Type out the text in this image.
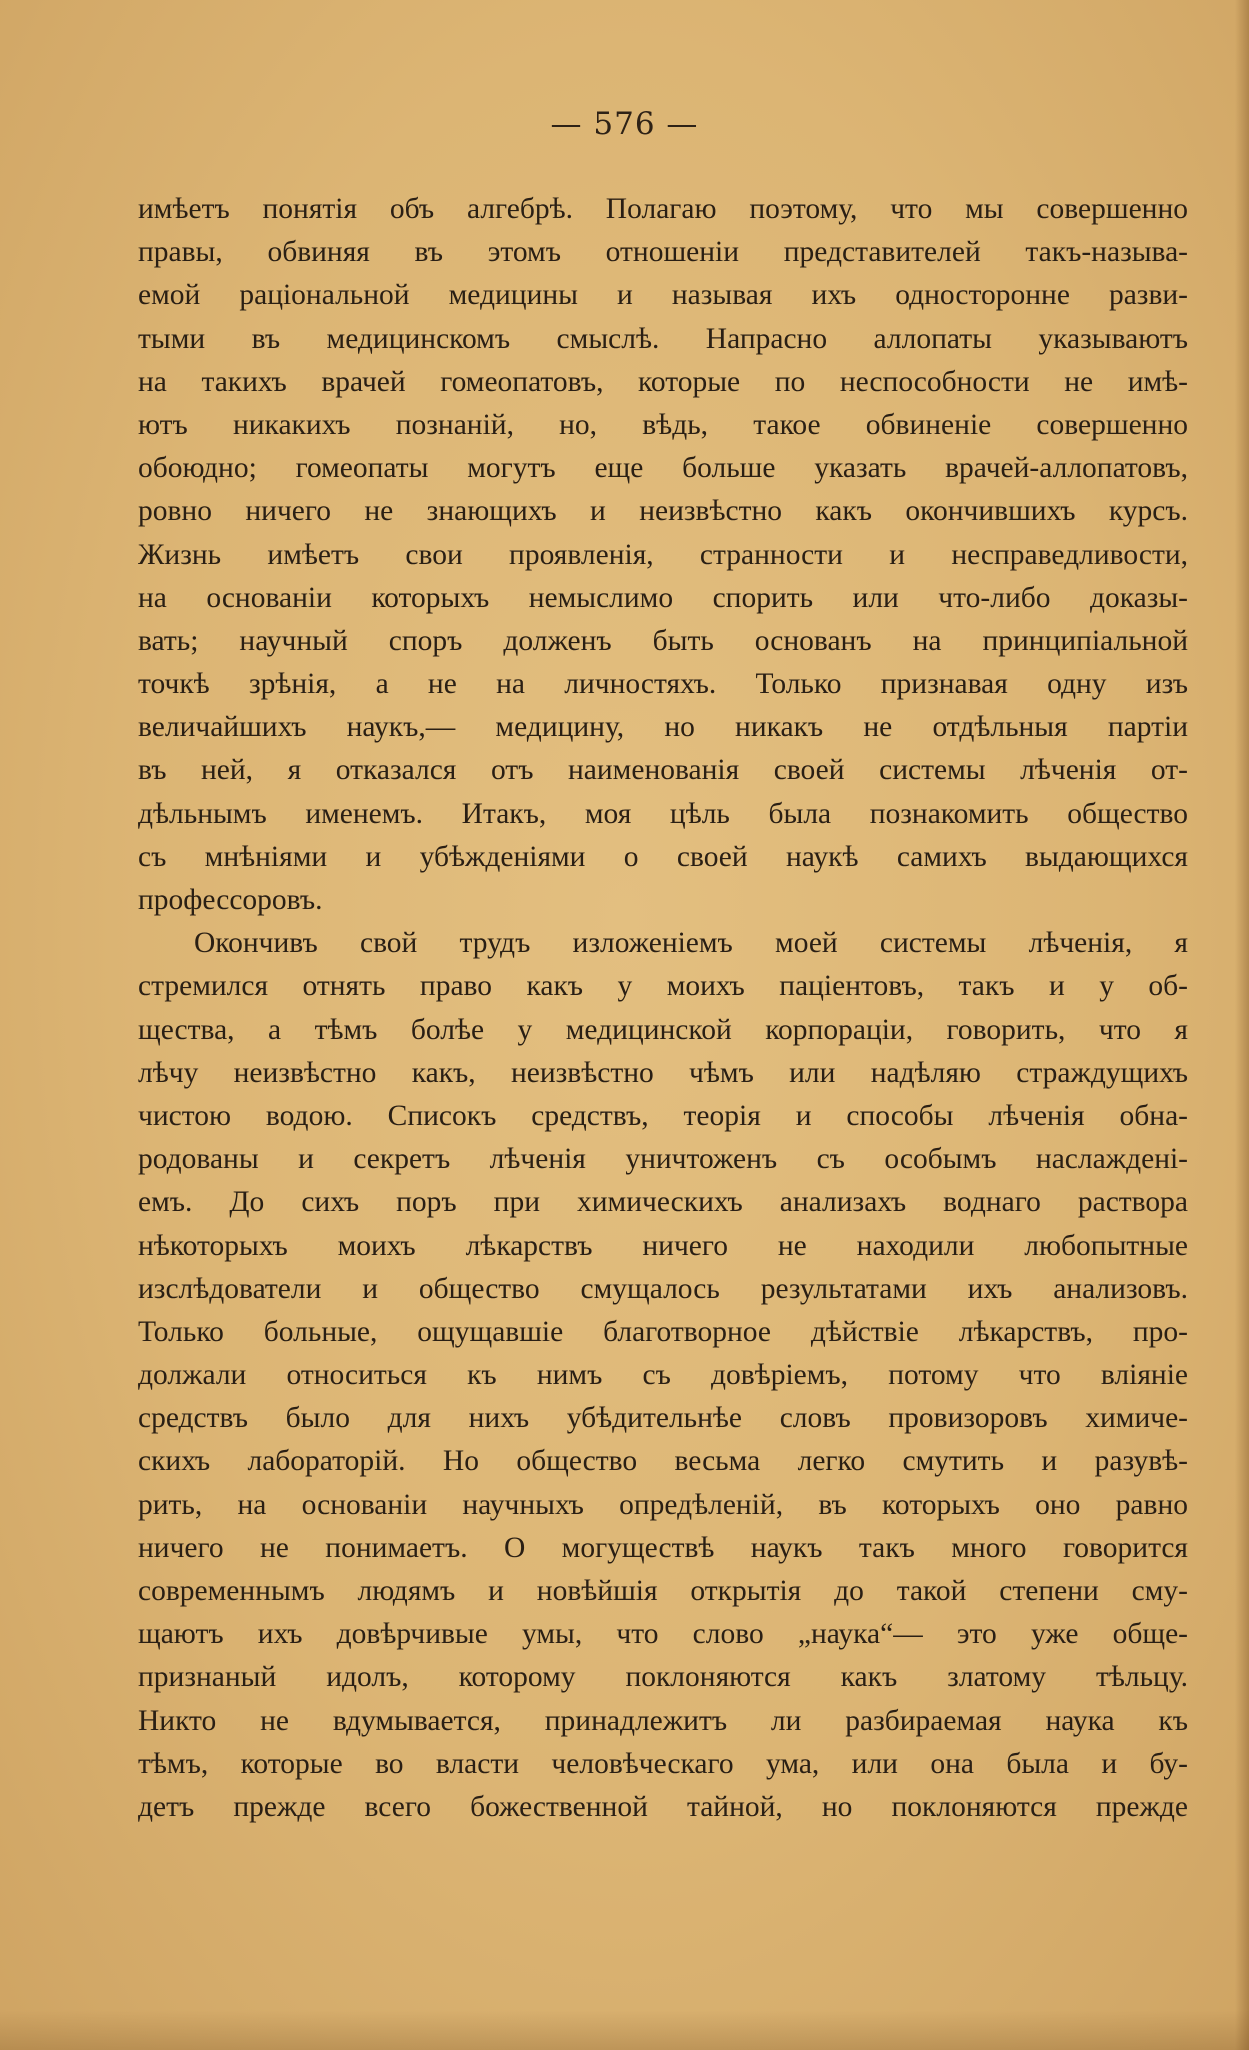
— 576 —
имѣетъ понятія объ алгебрѣ. Полагаю поэтому, что мы совершенно
правы, обвиняя въ этомъ отношеніи представителей такъ-называ-
емой раціональной медицины и называя ихъ односторонне разви-
тыми въ медицинскомъ смыслѣ. Напрасно аллопаты указываютъ
на такихъ врачей гомеопатовъ, которые по неспособности не имѣ-
ютъ никакихъ познаній, но, вѣдь, такое обвиненіе совершенно
обоюдно; гомеопаты могутъ еще больше указать врачей-аллопатовъ,
ровно ничего не знающихъ и неизвѣстно какъ окончившихъ курсъ.
Жизнь имѣетъ свои проявленія, странности и несправедливости,
на основаніи которыхъ немыслимо спорить или что-либо доказы-
вать; научный споръ долженъ быть основанъ на принципіальной
точкѣ зрѣнія, а не на личностяхъ. Только признавая одну изъ
величайшихъ наукъ,— медицину, но никакъ не отдѣльныя партіи
въ ней, я отказался отъ наименованія своей системы лѣченія от-
дѣльнымъ именемъ. Итакъ, моя цѣль была познакомить общество
съ мнѣніями и убѣжденіями о своей наукѣ самихъ выдающихся
профессоровъ.
Окончивъ свой трудъ изложеніемъ моей системы лѣченія, я
стремился отнять право какъ у моихъ паціентовъ, такъ и у об-
щества, а тѣмъ болѣе у медицинской корпораціи, говорить, что я
лѣчу неизвѣстно какъ, неизвѣстно чѣмъ или надѣляю страждущихъ
чистою водою. Списокъ средствъ, теорія и способы лѣченія обна-
родованы и секретъ лѣченія уничтоженъ съ особымъ наслажденi-
емъ. До сихъ поръ при химическихъ анализахъ воднаго раствора
нѣкоторыхъ моихъ лѣкарствъ ничего не находили любопытные
изслѣдователи и общество смущалось результатами ихъ анализовъ.
Только больные, ощущавшіе благотворное дѣйствіе лѣкарствъ, про-
должали относиться къ нимъ съ довѣріемъ, потому что вліяніе
средствъ было для нихъ убѣдительнѣе словъ провизоровъ химиче-
скихъ лабораторій. Но общество весьма легко смутить и разувѣ-
рить, на основаніи научныхъ опредѣленій, въ которыхъ оно равно
ничего не понимаетъ. О могуществѣ наукъ такъ много говорится
современнымъ людямъ и новѣйшія открытія до такой степени сму-
щаютъ ихъ довѣрчивые умы, что слово „наука“— это уже обще-
признаный идолъ, которому поклоняются какъ златому тѣльцу.
Никто не вдумывается, принадлежитъ ли разбираемая наука къ
тѣмъ, которые во власти человѣческаго ума, или она была и бу-
детъ прежде всего божественной тайной, но поклоняются прежде
